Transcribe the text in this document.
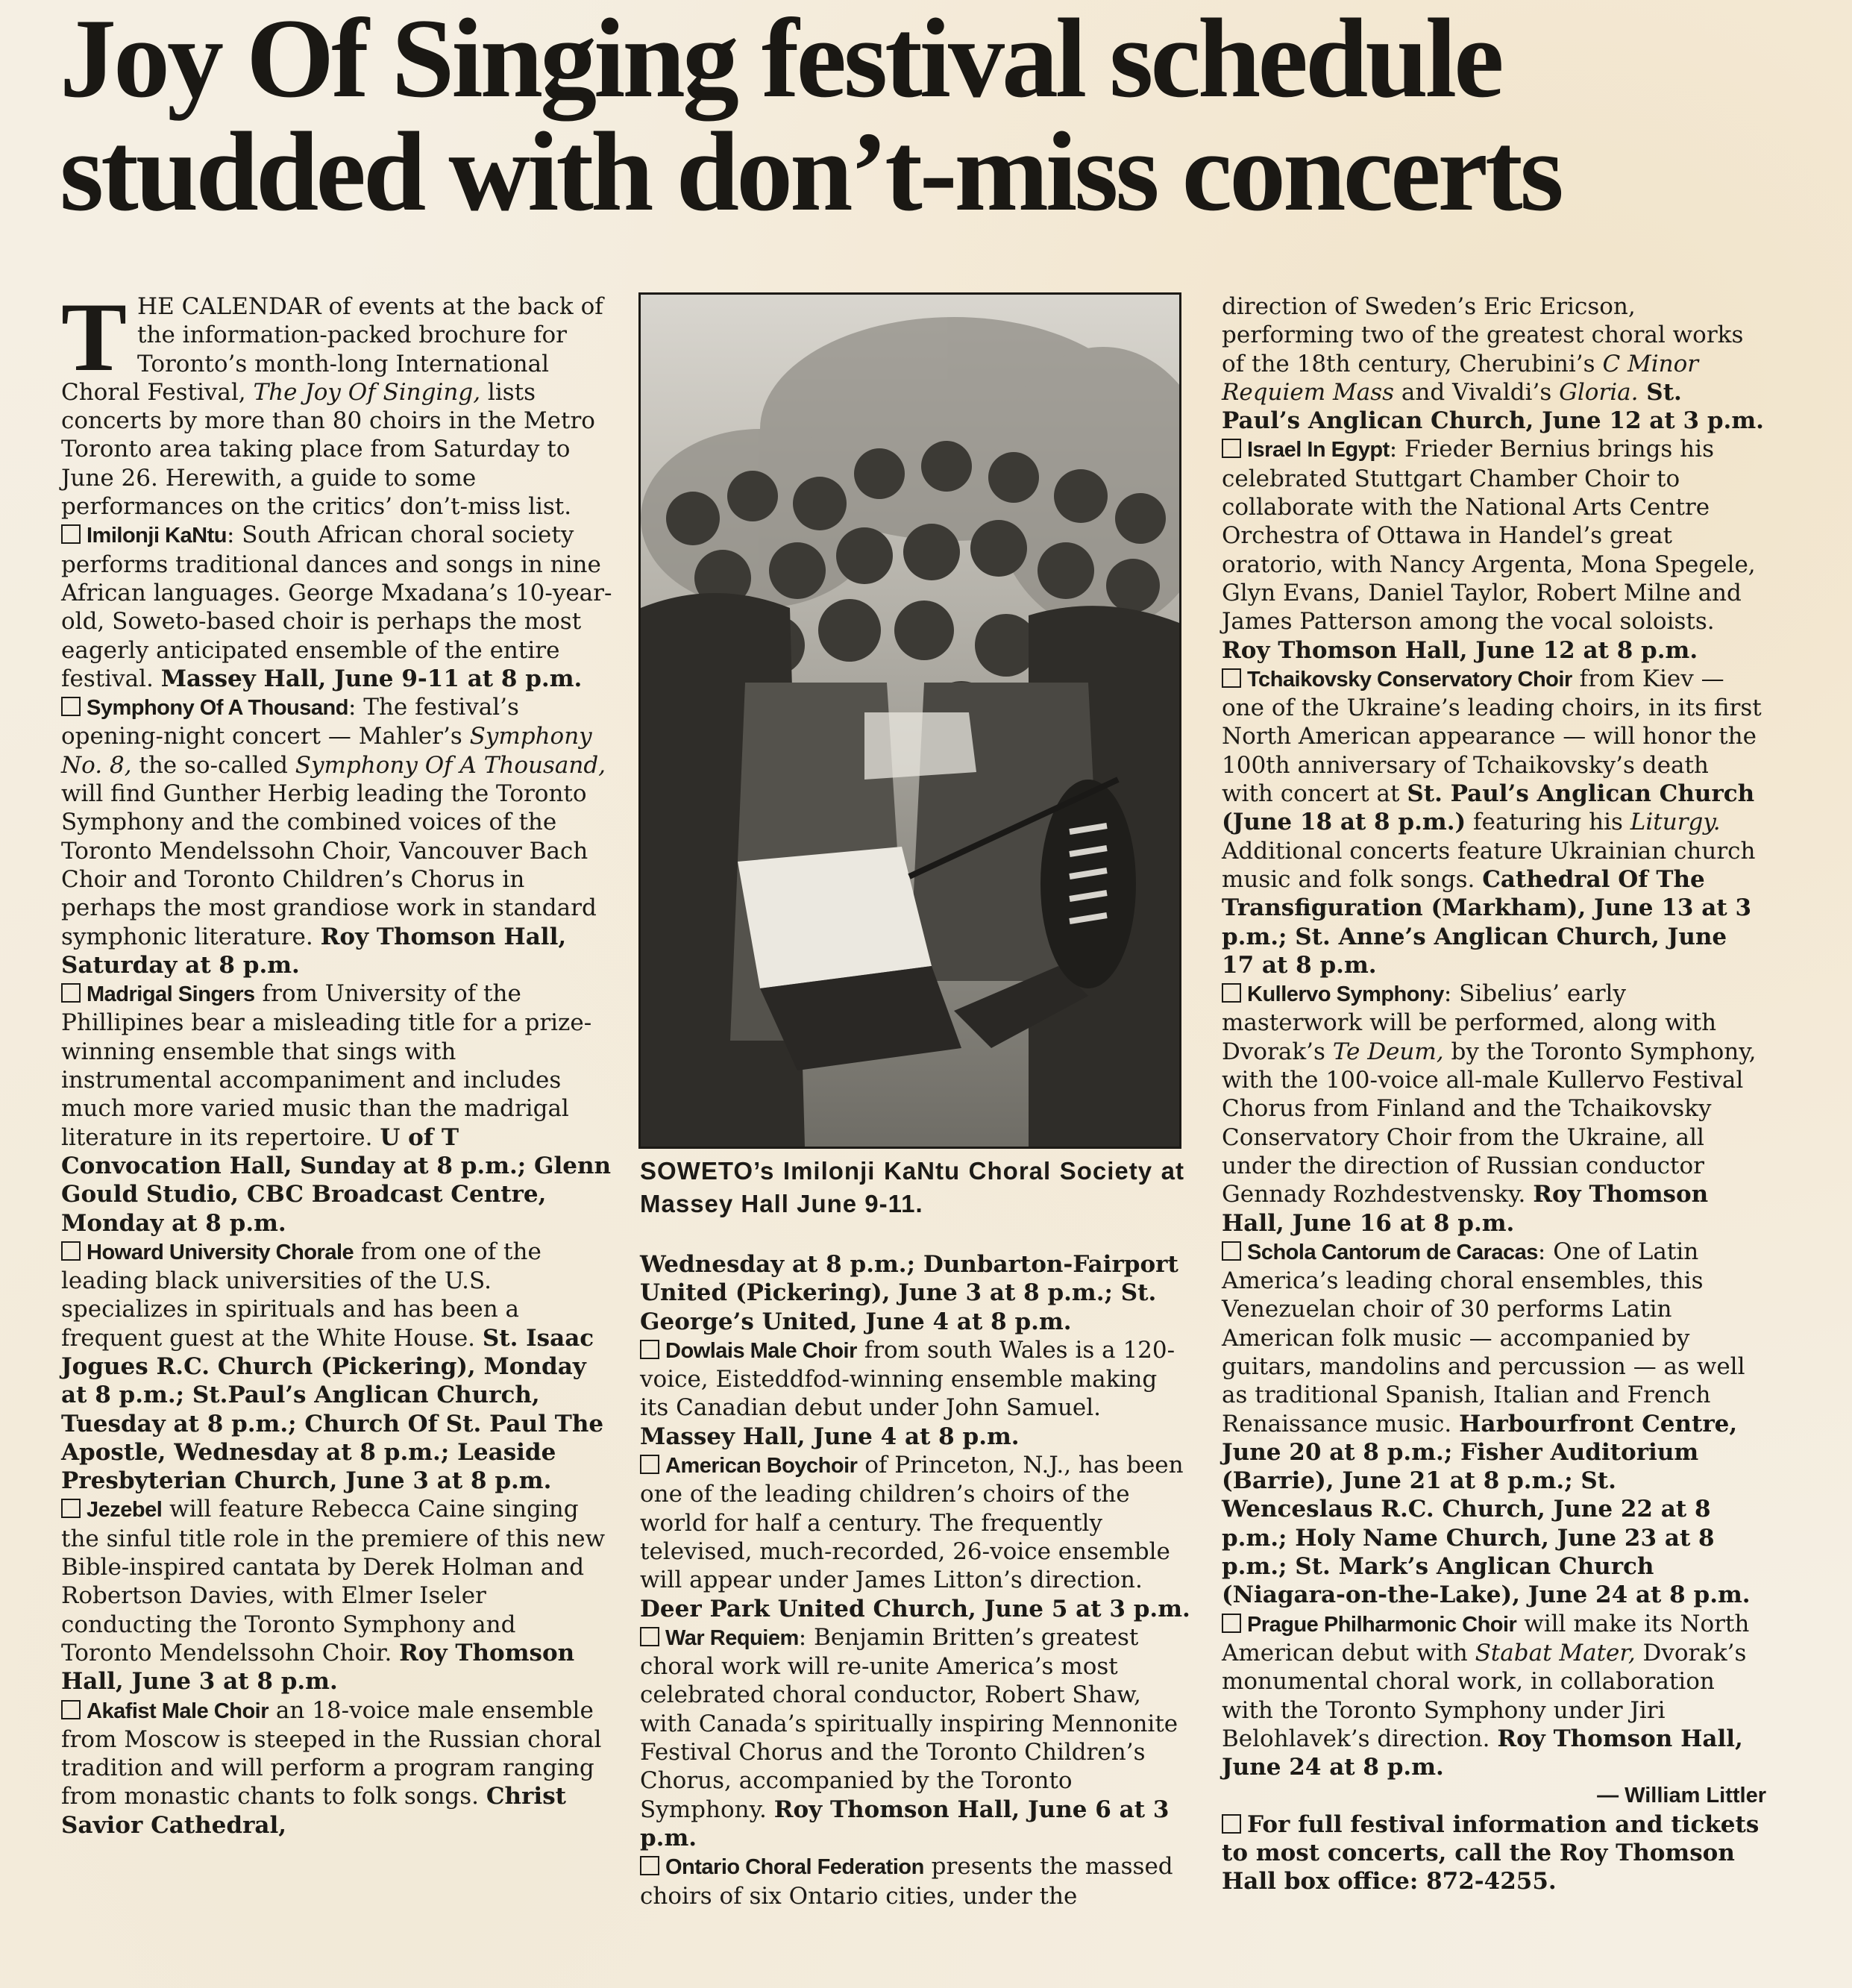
Joy Of Singing festival schedule
studded with don’t-miss concerts

THE CALENDAR of events at the back of the information-packed brochure for Toronto’s month-long International Choral Festival, The Joy Of Singing, lists concerts by more than 80 choirs in the Metro Toronto area taking place from Saturday to June 26. Herewith, a guide to some performances on the critics’ don’t-miss list.

Imilonji KaNtu: South African choral society performs traditional dances and songs in nine African languages. George Mxadana’s 10-year-old, Soweto-based choir is perhaps the most eagerly anticipated ensemble of the entire festival. Massey Hall, June 9-11 at 8 p.m.

Symphony Of A Thousand: The festival’s opening-night concert — Mahler’s Symphony No. 8, the so-called Symphony Of A Thousand, will find Gunther Herbig leading the Toronto Symphony and the combined voices of the Toronto Mendelssohn Choir, Vancouver Bach Choir and Toronto Children’s Chorus in perhaps the most grandiose work in standard symphonic literature. Roy Thomson Hall, Saturday at 8 p.m.

Madrigal Singers from University of the Phillipines bear a misleading title for a prize-winning ensemble that sings with instrumental accompaniment and includes much more varied music than the madrigal literature in its repertoire. U of T Convocation Hall, Sunday at 8 p.m.; Glenn Gould Studio, CBC Broadcast Centre, Monday at 8 p.m.

Howard University Chorale from one of the leading black universities of the U.S. specializes in spirituals and has been a frequent guest at the White House. St. Isaac Jogues R.C. Church (Pickering), Monday at 8 p.m.; St.Paul’s Anglican Church, Tuesday at 8 p.m.; Church Of St. Paul The Apostle, Wednesday at 8 p.m.; Leaside Presbyterian Church, June 3 at 8 p.m.

Jezebel will feature Rebecca Caine singing the sinful title role in the premiere of this new Bible-inspired cantata by Derek Holman and Robertson Davies, with Elmer Iseler conducting the Toronto Symphony and Toronto Mendelssohn Choir. Roy Thomson Hall, June 3 at 8 p.m.

Akafist Male Choir an 18-voice male ensemble from Moscow is steeped in the Russian choral tradition and will perform a program ranging from monastic chants to folk songs. Christ Savior Cathedral,

SOWETO’s Imilonji KaNtu Choral Society at Massey Hall June 9-11.

Wednesday at 8 p.m.; Dunbarton-Fairport United (Pickering), June 3 at 8 p.m.; St. George’s United, June 4 at 8 p.m.

Dowlais Male Choir from south Wales is a 120-voice, Eisteddfod-winning ensemble making its Canadian debut under John Samuel. Massey Hall, June 4 at 8 p.m.

American Boychoir of Princeton, N.J., has been one of the leading children’s choirs of the world for half a century. The frequently televised, much-recorded, 26-voice ensemble will appear under James Litton’s direction. Deer Park United Church, June 5 at 3 p.m.

War Requiem: Benjamin Britten’s greatest choral work will re-unite America’s most celebrated choral conductor, Robert Shaw, with Canada’s spiritually inspiring Mennonite Festival Chorus and the Toronto Children’s Chorus, accompanied by the Toronto Symphony. Roy Thomson Hall, June 6 at 3 p.m.

Ontario Choral Federation presents the massed choirs of six Ontario cities, under the

direction of Sweden’s Eric Ericson, performing two of the greatest choral works of the 18th century, Cherubini’s C Minor Requiem Mass and Vivaldi’s Gloria. St. Paul’s Anglican Church, June 12 at 3 p.m.

Israel In Egypt: Frieder Bernius brings his celebrated Stuttgart Chamber Choir to collaborate with the National Arts Centre Orchestra of Ottawa in Handel’s great oratorio, with Nancy Argenta, Mona Spegele, Glyn Evans, Daniel Taylor, Robert Milne and James Patterson among the vocal soloists. Roy Thomson Hall, June 12 at 8 p.m.

Tchaikovsky Conservatory Choir from Kiev — one of the Ukraine’s leading choirs, in its first North American appearance — will honor the 100th anniversary of Tchaikovsky’s death with concert at St. Paul’s Anglican Church (June 18 at 8 p.m.) featuring his Liturgy. Additional concerts feature Ukrainian church music and folk songs. Cathedral Of The Transfiguration (Markham), June 13 at 3 p.m.; St. Anne’s Anglican Church, June 17 at 8 p.m.

Kullervo Symphony: Sibelius’ early masterwork will be performed, along with Dvorak’s Te Deum, by the Toronto Symphony, with the 100-voice all-male Kullervo Festival Chorus from Finland and the Tchaikovsky Conservatory Choir from the Ukraine, all under the direction of Russian conductor Gennady Rozhdestvensky. Roy Thomson Hall, June 16 at 8 p.m.

Schola Cantorum de Caracas: One of Latin America’s leading choral ensembles, this Venezuelan choir of 30 performs Latin American folk music — accompanied by guitars, mandolins and percussion — as well as traditional Spanish, Italian and French Renaissance music. Harbourfront Centre, June 20 at 8 p.m.; Fisher Auditorium (Barrie), June 21 at 8 p.m.; St. Wenceslaus R.C. Church, June 22 at 8 p.m.; Holy Name Church, June 23 at 8 p.m.; St. Mark’s Anglican Church (Niagara-on-the-Lake), June 24 at 8 p.m.

Prague Philharmonic Choir will make its North American debut with Stabat Mater, Dvorak’s monumental choral work, in collaboration with the Toronto Symphony under Jiri Belohlavek’s direction. Roy Thomson Hall, June 24 at 8 p.m.

— William Littler

For full festival information and tickets to most concerts, call the Roy Thomson Hall box office: 872-4255.
